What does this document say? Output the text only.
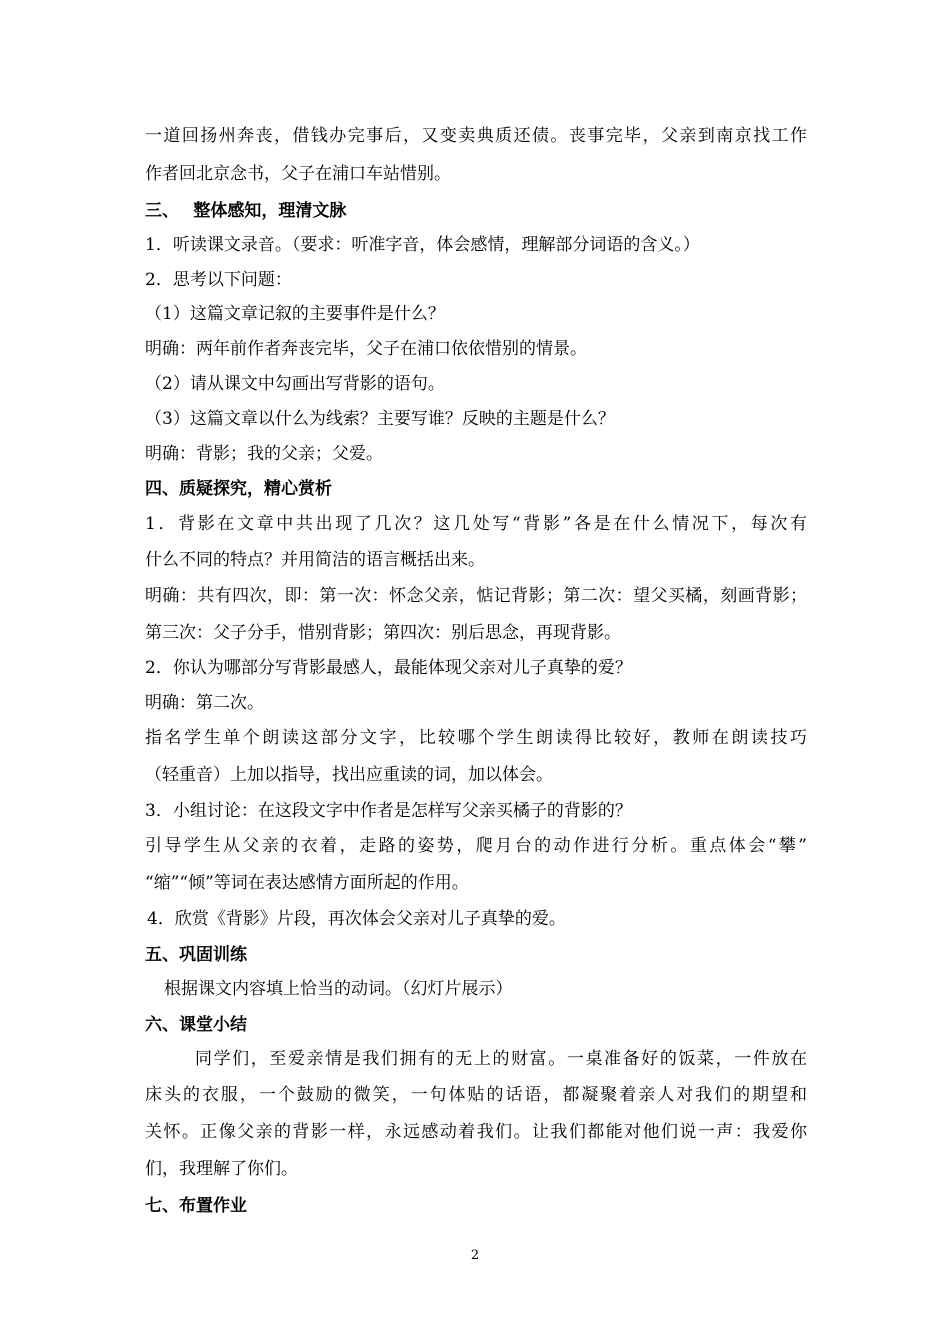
一道回扬州奔丧，借钱办完事后，又变卖典质还债。丧事完毕，父亲到南京找工作
作者回北京念书，父子在浦口车站惜别。
三、　 整体感知，理清文脉
1．听读课文录音。（要求：听准字音，体会感情，理解部分词语的含义。）
2．思考以下问题：
（1）这篇文章记叙的主要事件是什么？
明确：两年前作者奔丧完毕，父子在浦口依依惜别的情景。
（2）请从课文中勾画出写背影的语句。
（3）这篇文章以什么为线索？主要写谁？反映的主题是什么？
明确：背影；我的父亲；父爱。
四、质疑探究，精心赏析
1．背影在文章中共出现了几次？这几处写“背影”各是在什么情况下，每次有
什么不同的特点？并用简洁的语言概括出来。
明确：共有四次，即：第一次：怀念父亲，惦记背影；第二次：望父买橘，刻画背影；
第三次：父子分手，惜别背影；第四次：别后思念，再现背影。
2．你认为哪部分写背影最感人，最能体现父亲对儿子真挚的爱？
明确：第二次。
指名学生单个朗读这部分文字，比较哪个学生朗读得比较好，教师在朗读技巧
（轻重音）上加以指导，找出应重读的词，加以体会。
3．小组讨论：在这段文字中作者是怎样写父亲买橘子的背影的？
引导学生从父亲的衣着，走路的姿势，爬月台的动作进行分析。重点体会“攀”
“缩”“倾”等词在表达感情方面所起的作用。
4．欣赏《背影》片段，再次体会父亲对儿子真挚的爱。
五、巩固训练
根据课文内容填上恰当的动词。（幻灯片展示）
六、课堂小结
同学们，至爱亲情是我们拥有的无上的财富。一桌准备好的饭菜，一件放在
床头的衣服，一个鼓励的微笑，一句体贴的话语，都凝聚着亲人对我们的期望和
关怀。正像父亲的背影一样，永远感动着我们。让我们都能对他们说一声：我爱你
们，我理解了你们。
七、布置作业
2
